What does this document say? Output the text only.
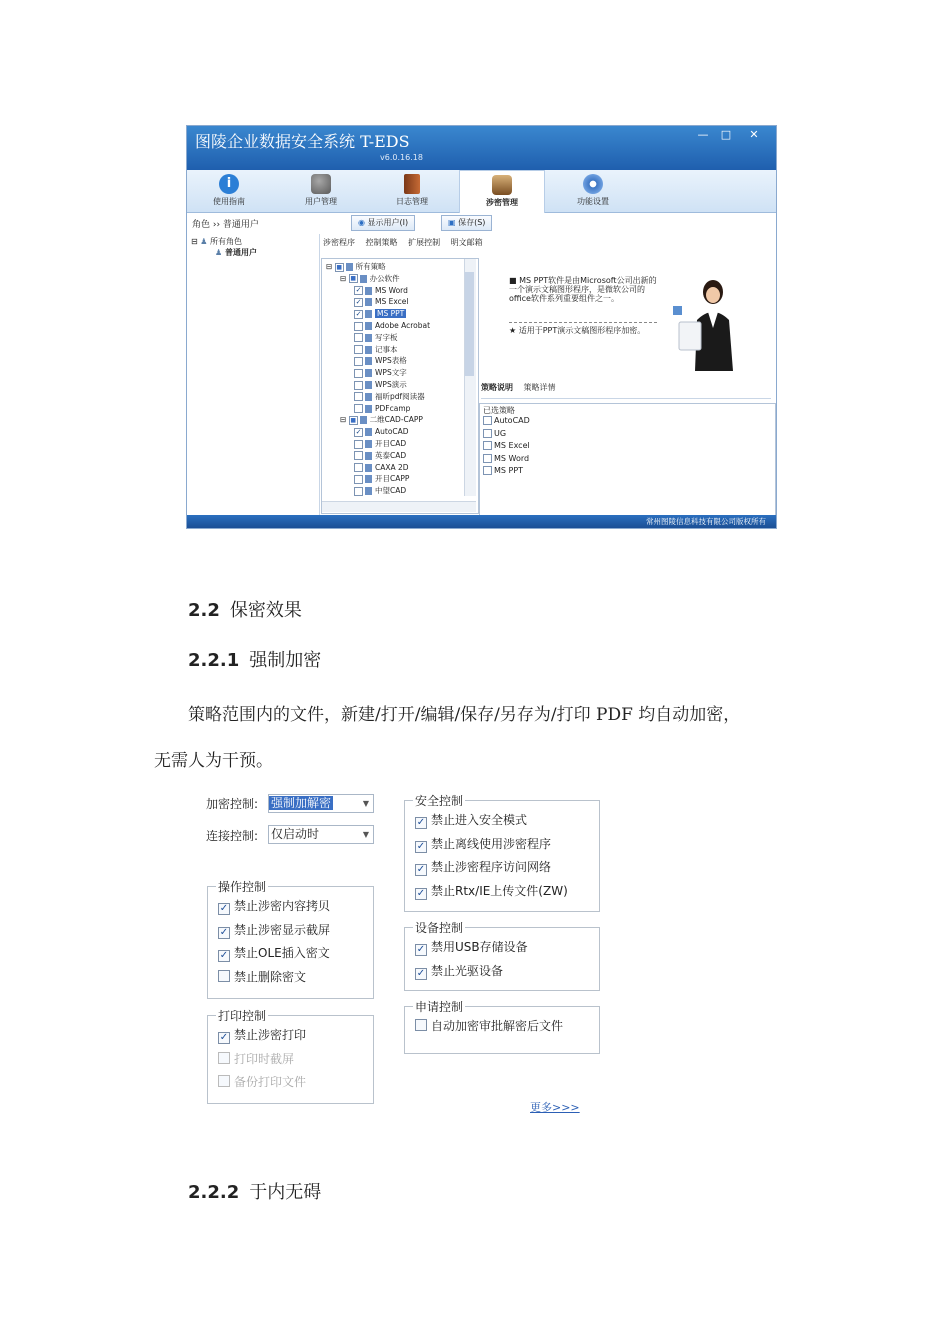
图陵企业数据安全系统 T-EDS
v6.0.16.18
—	□	✕
i
使用指南	用户管理	日志管理	涉密管理	功能设置
角色 ›› 普通用户	◉ 显示用户(I)	▣ 保存(S)
⊟ ♟ 所有角色
♟ 普通用户
涉密程序 控制策略 扩展控制 明文邮箱
⊟ ■ 所有策略
⊟ ■ 办公软件
✓ MS Word
✓ MS Excel
✓ MS PPT
Adobe Acrobat
写字板
记事本
WPS表格
WPS文字
WPS演示
福昕pdf阅读器
PDFcamp
⊟ ■ 二维CAD-CAPP
✓ AutoCAD
开目CAD
英泰CAD
CAXA 2D
开目CAPP
中望CAD
■ MS PPT软件是由Microsoft公司出新的一个演示文稿图形程序，是微软公司的office软件系列重要组件之一。
★ 适用于PPT演示文稿图形程序加密。
策略说明 策略详情
已选策略
AutoCAD
UG
MS Excel
MS Word
MS PPT
常州图陵信息科技有限公司版权所有
2.2 保密效果
2.2.1 强制加密
策略范围内的文件，新建/打开/编辑/保存/另存为/打印 PDF 均自动加密，
无需人为干预。
2.2.2 于内无碍
加密控制: 强制加解密	▼
连接控制: 仅启动时	▼
操作控制
✓ 禁止涉密内容拷贝
✓ 禁止涉密显示截屏
✓ 禁止OLE插入密文
禁止删除密文
打印控制
✓ 禁止涉密打印
打印时截屏
备份打印文件
安全控制
✓ 禁止进入安全模式
✓ 禁止离线使用涉密程序
✓ 禁止涉密程序访问网络
✓ 禁止Rtx/IE上传文件(ZW)
设备控制
✓ 禁用USB存储设备
✓ 禁止光驱设备
申请控制
自动加密审批解密后文件
更多>>>
